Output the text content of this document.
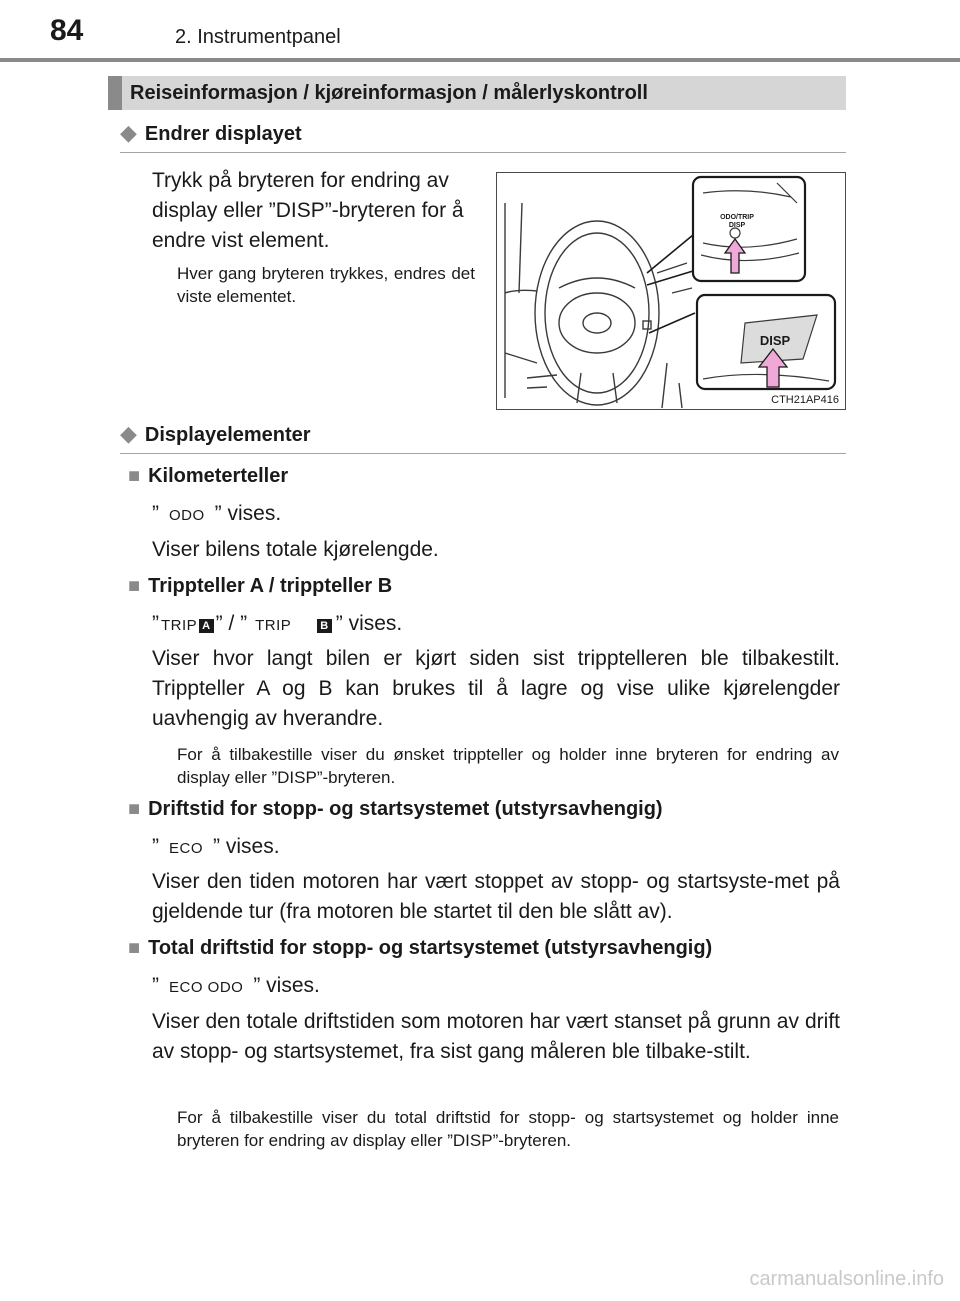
84	2. Instrumentpanel
Reiseinformasjon / kjøreinformasjon / målerlyskontroll
◆ Endrer displayet
Trykk på bryteren for endring av display eller ”DISP”-bryteren for å endre vist element.
Hver gang bryteren trykkes, endres det viste elementet.
ODO/TRIP
DISP
DISP
CTH21AP416
◆ Displayelementer
■ Kilometerteller
” ODO ” vises.
Viser bilens totale kjørelengde.
■ Trippteller A / trippteller B
” TRIP A ” / ” TRIP	B ” vises.
Viser hvor langt bilen er kjørt siden sist tripptelleren ble tilbakestilt. Trippteller A og B kan brukes til å lagre og vise ulike kjørelengder uavhengig av hverandre.
For å tilbakestille viser du ønsket trippteller og holder inne bryteren for endring av display eller ”DISP”-bryteren.
■ Driftstid for stopp- og startsystemet (utstyrsavhengig)
” ECO ” vises.
Viser den tiden motoren har vært stoppet av stopp- og startsyste-met på gjeldende tur (fra motoren ble startet til den ble slått av).
■ Total driftstid for stopp- og startsystemet (utstyrsavhengig)
” ECO ODO ” vises.
Viser den totale driftstiden som motoren har vært stanset på grunn av drift av stopp- og startsystemet, fra sist gang måleren ble tilbake-stilt.
For å tilbakestille viser du total driftstid for stopp- og startsystemet og holder inne bryteren for endring av display eller ”DISP”-bryteren.
carmanualsonline.info
